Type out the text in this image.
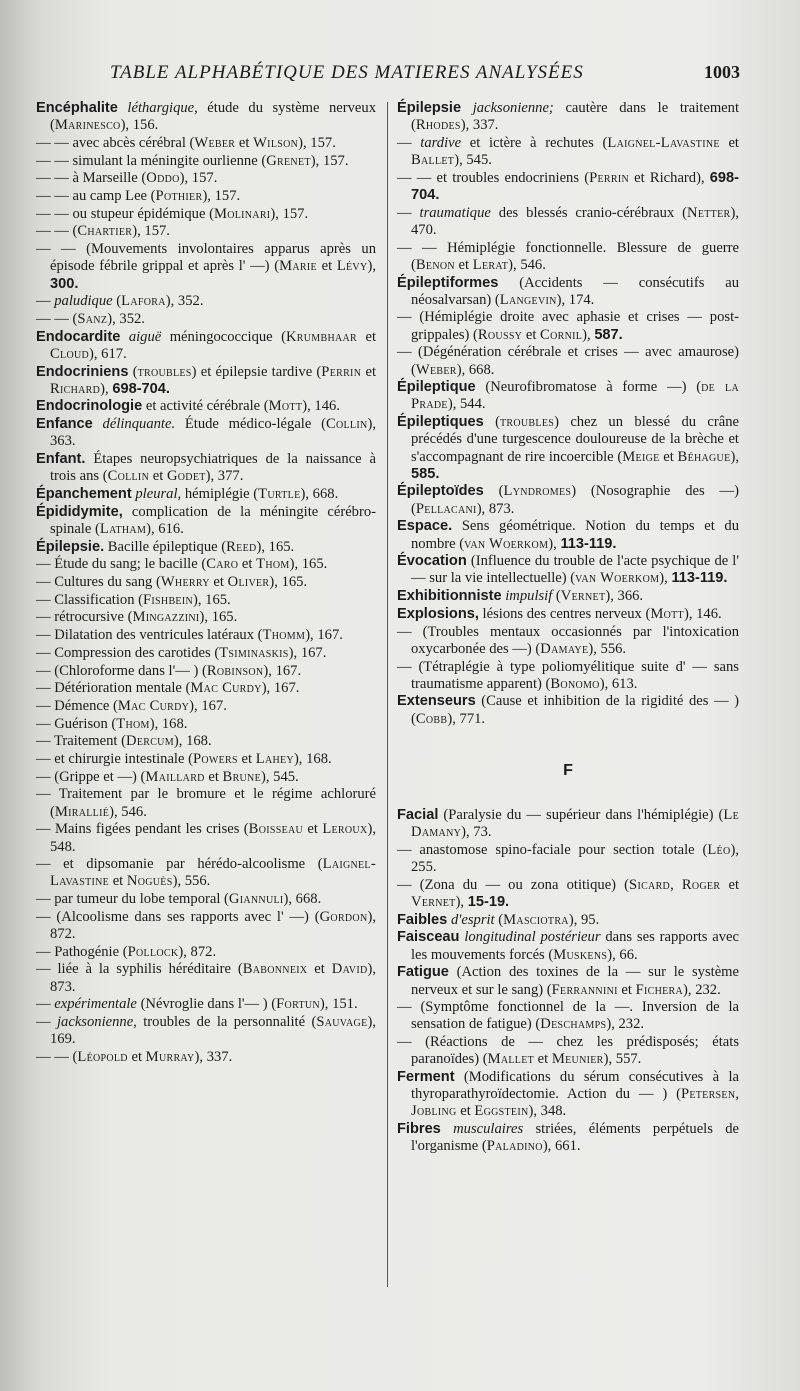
TABLE ALPHABÉTIQUE DES MATIERES ANALYSÉES	1003
Encéphalite léthargique, étude du système nerveux (Marinesco), 156.
— — avec abcès cérébral (Weber et Wilson), 157.
— — simulant la méningite ourlienne (Grenet), 157.
— — à Marseille (Oddo), 157.
— — au camp Lee (Pothier), 157.
— — ou stupeur épidémique (Molinari), 157.
— — (Chartier), 157.
— — (Mouvements involontaires apparus après un épisode fébrile grippal et après l' —) (Marie et Lévy), 300.
— paludique (Lafora), 352.
— — (Sanz), 352.
Endocardite aiguë méningococcique (Krumbhaar et Cloud), 617.
Endocriniens (troubles) et épilepsie tardive (Perrin et Richard), 698-704.
Endocrinologie et activité cérébrale (Mott), 146.
Enfance délinquante. Étude médico-légale (Collin), 363.
Enfant. Étapes neuropsychiatriques de la naissance à trois ans (Collin et Godet), 377.
Épanchement pleural, hémiplégie (Turtle), 668.
Épididymite, complication de la méningite cérébro-spinale (Latham), 616.
Épilepsie. Bacille épileptique (Reed), 165.
— Étude du sang; le bacille (Caro et Thom), 165.
— Cultures du sang (Wherry et Oliver), 165.
— Classification (Fishbein), 165.
— rétrocursive (Mingazzini), 165.
— Dilatation des ventricules latéraux (Thomm), 167.
— Compression des carotides (Tsiminaskis), 167.
— (Chloroforme dans l'— ) (Robinson), 167.
— Détérioration mentale (Mac Curdy), 167.
— Démence (Mac Curdy), 167.
— Guérison (Thom), 168.
— Traitement (Dercum), 168.
— et chirurgie intestinale (Powers et Lahey), 168.
— (Grippe et —) (Maillard et Brune), 545.
— Traitement par le bromure et le régime achloruré (Mirallié), 546.
— Mains figées pendant les crises (Boisseau et Leroux), 548.
— et dipsomanie par hérédo-alcoolisme (Laignel-Lavastine et Noguès), 556.
— par tumeur du lobe temporal (Giannuli), 668.
— (Alcoolisme dans ses rapports avec l' —) (Gordon), 872.
— Pathogénie (Pollock), 872.
— liée à la syphilis héréditaire (Babonneix et David), 873.
— expérimentale (Névroglie dans l'— ) (Fortun), 151.
— jacksonienne, troubles de la personnalité (Sauvage), 169.
— — (Léopold et Murray), 337.
Épilepsie jacksonienne; cautère dans le traitement (Rhodes), 337.
— tardive et ictère à rechutes (Laignel-Lavastine et Ballet), 545.
— — et troubles endocriniens (Perrin et Richard), 698-704.
— traumatique des blessés cranio-cérébraux (Netter), 470.
— — Hémiplégie fonctionnelle. Blessure de guerre (Benon et Lerat), 546.
Épileptiformes (Accidents — consécutifs au néosalvarsan) (Langevin), 174.
— (Hémiplégie droite avec aphasie et crises — post-grippales) (Roussy et Cornil), 587.
— (Dégénération cérébrale et crises — avec amaurose) (Weber), 668.
Épileptique (Neurofibromatose à forme —) (de la Prade), 544.
Épileptiques (troubles) chez un blessé du crâne précédés d'une turgescence douloureuse de la brèche et s'accompagnant de rire incoercible (Meige et Béhague), 585.
Épileptoïdes (Lyndromes) (Nosographie des —) (Pellacani), 873.
Espace. Sens géométrique. Notion du temps et du nombre (van Woerkom), 113-119.
Évocation (Influence du trouble de l'acte psychique de l' — sur la vie intellectuelle) (van Woerkom), 113-119.
Exhibitionniste impulsif (Vernet), 366.
Explosions, lésions des centres nerveux (Mott), 146.
— (Troubles mentaux occasionnés par l'intoxication oxycarbonée des —) (Damaye), 556.
— (Tétraplégie à type poliomyélitique suite d' — sans traumatisme apparent) (Bonomo), 613.
Extenseurs (Cause et inhibition de la rigidité des — ) (Cobb), 771.
F
Facial (Paralysie du — supérieur dans l'hémiplégie) (Le Damany), 73.
— anastomose spino-faciale pour section totale (Léo), 255.
— (Zona du — ou zona otitique) (Sicard, Roger et Vernet), 15-19.
Faibles d'esprit (Masciotra), 95.
Faisceau longitudinal postérieur dans ses rapports avec les mouvements forcés (Muskens), 66.
Fatigue (Action des toxines de la — sur le système nerveux et sur le sang) (Ferrannini et Fichera), 232.
— (Symptôme fonctionnel de la —. Inversion de la sensation de fatigue) (Deschamps), 232.
— (Réactions de — chez les prédisposés; états paranoïdes) (Mallet et Meunier), 557.
Ferment (Modifications du sérum consécutives à la thyroparathyroïdectomie. Action du — ) (Petersen, Jobling et Eggstein), 348.
Fibres musculaires striées, éléments perpétuels de l'organisme (Paladino), 661.
